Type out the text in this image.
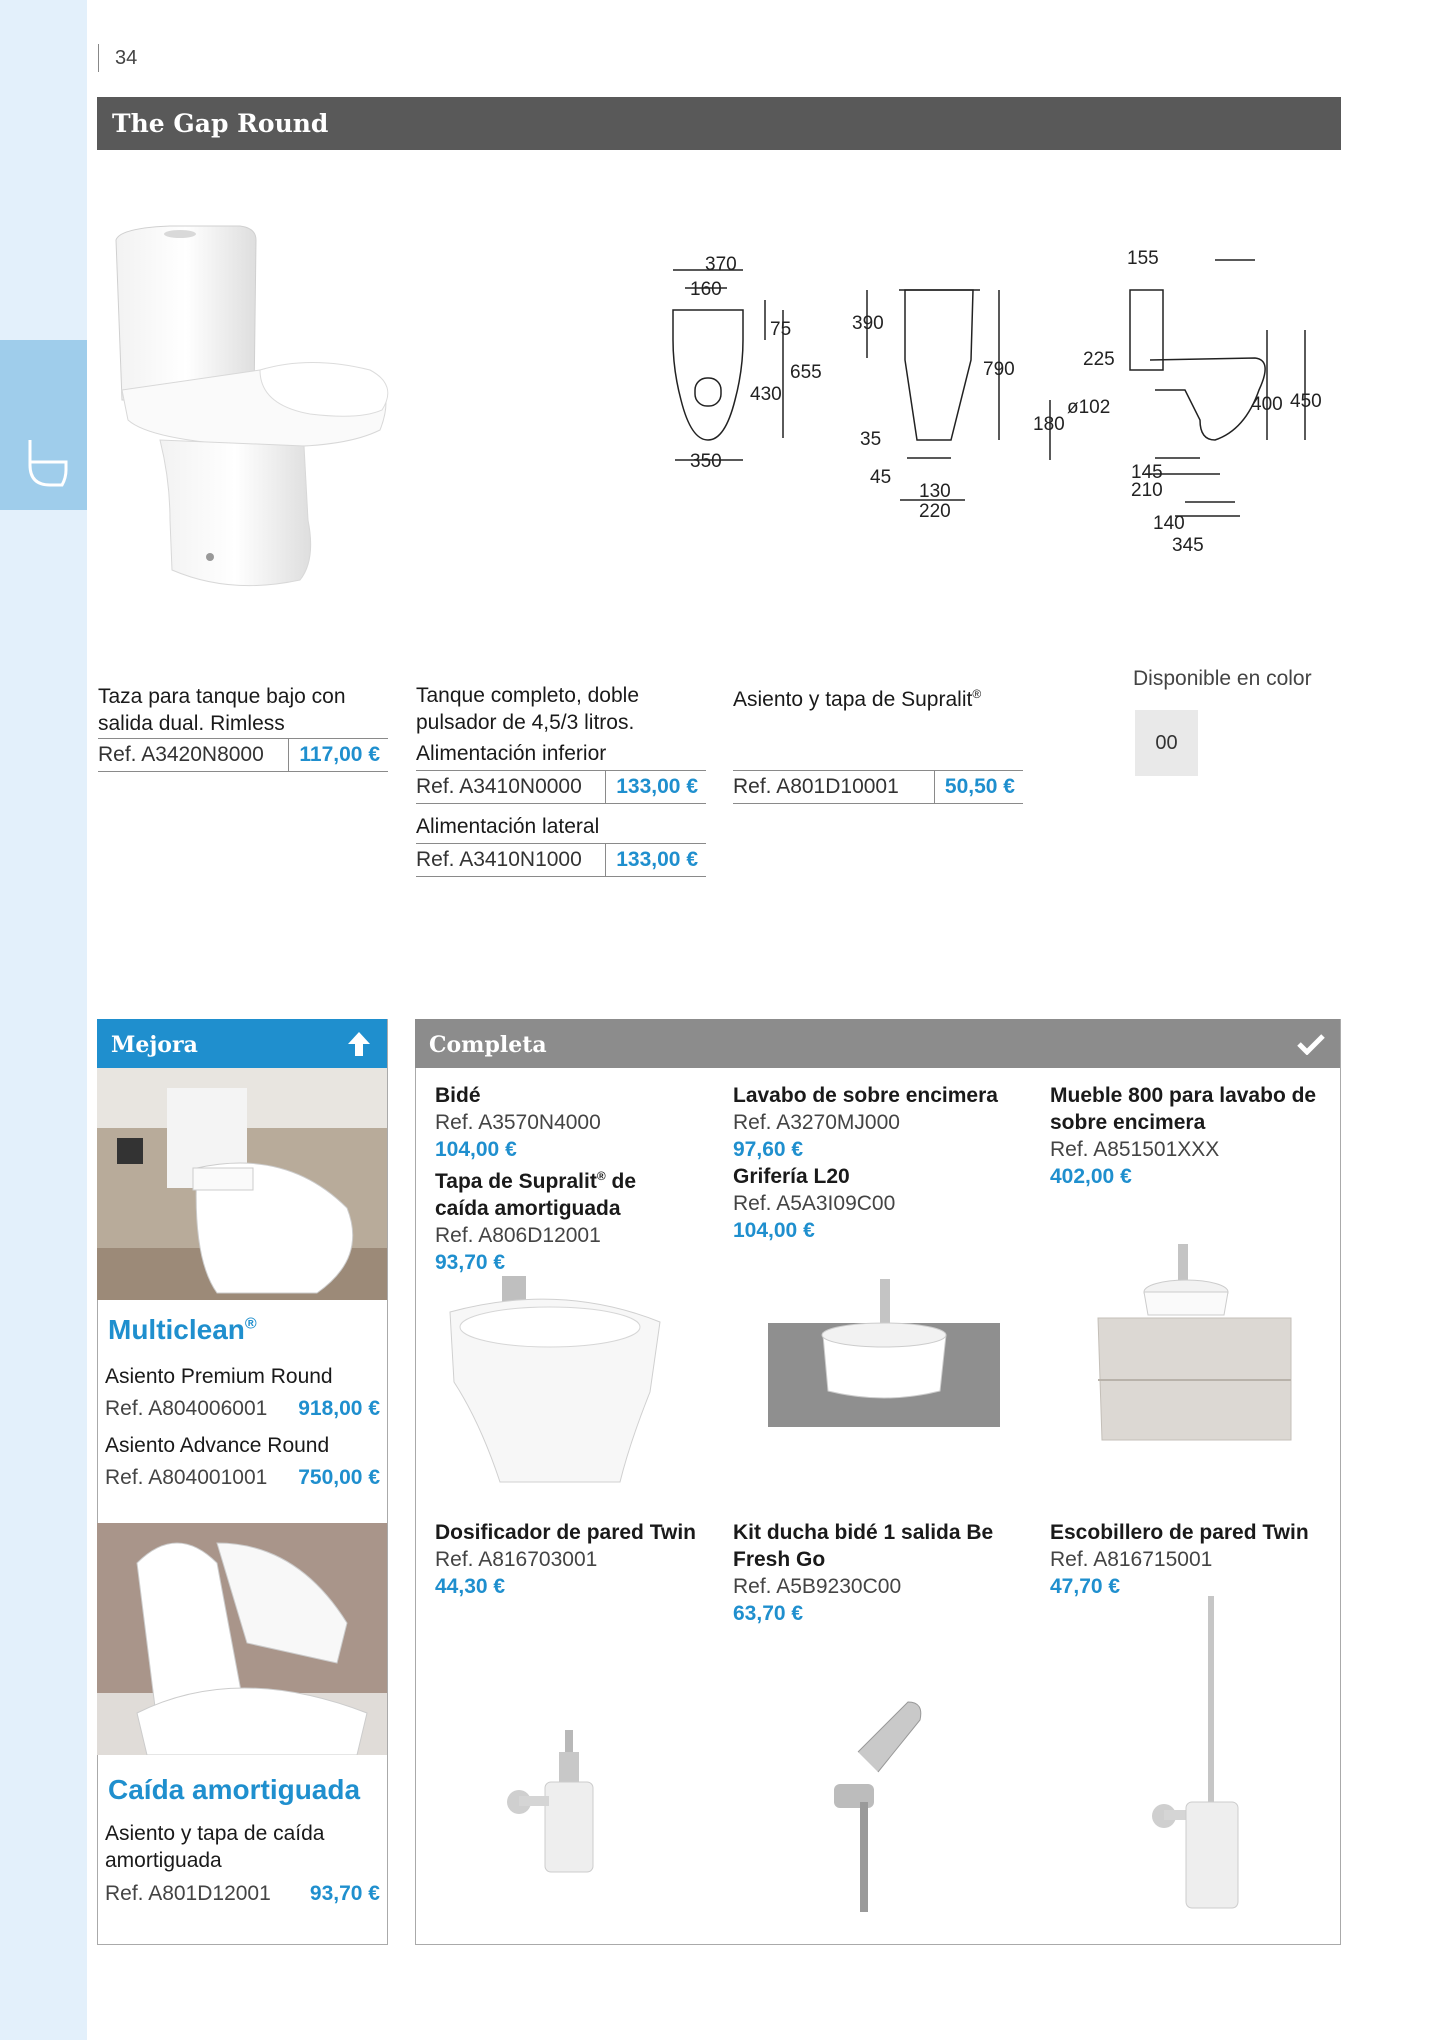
34
The Gap Round
370
160
75
655
430
350
390
790
35
45
130
220
155
225
ø102
180
400 450
145
210
140
345
Taza para tanque bajo con salida dual. Rimless
Ref. A3420N8000	117,00 €
Tanque completo, doble pulsador de 4,5/3 litros.
Alimentación inferior
Ref. A3410N0000	133,00 €
Alimentación lateral
Ref. A3410N1000	133,00 €
Asiento y tapa de Supralit®
Ref. A801D10001	50,50 €
Disponible en color
00
Mejora
Multiclean®
Asiento Premium Round
Ref. A804006001 918,00 €
Asiento Advance Round
Ref. A804001001 750,00 €
Caída amortiguada
Asiento y tapa de caída amortiguada
Ref. A801D12001 93,70 €
Completa
Bidé
Ref. A3570N4000
104,00 €
Tapa de Supralit® de
caída amortiguada
Ref. A806D12001
93,70 €
Lavabo de sobre encimera
Ref. A3270MJ000
97,60 €
Grifería L20
Ref. A5A3I09C00
104,00 €
Mueble 800 para lavabo de sobre encimera
Ref. A851501XXX
402,00 €
Dosificador de pared Twin
Ref. A816703001
44,30 €
Kit ducha bidé 1 salida Be Fresh Go
Ref. A5B9230C00
63,70 €
Escobillero de pared Twin
Ref. A816715001
47,70 €
